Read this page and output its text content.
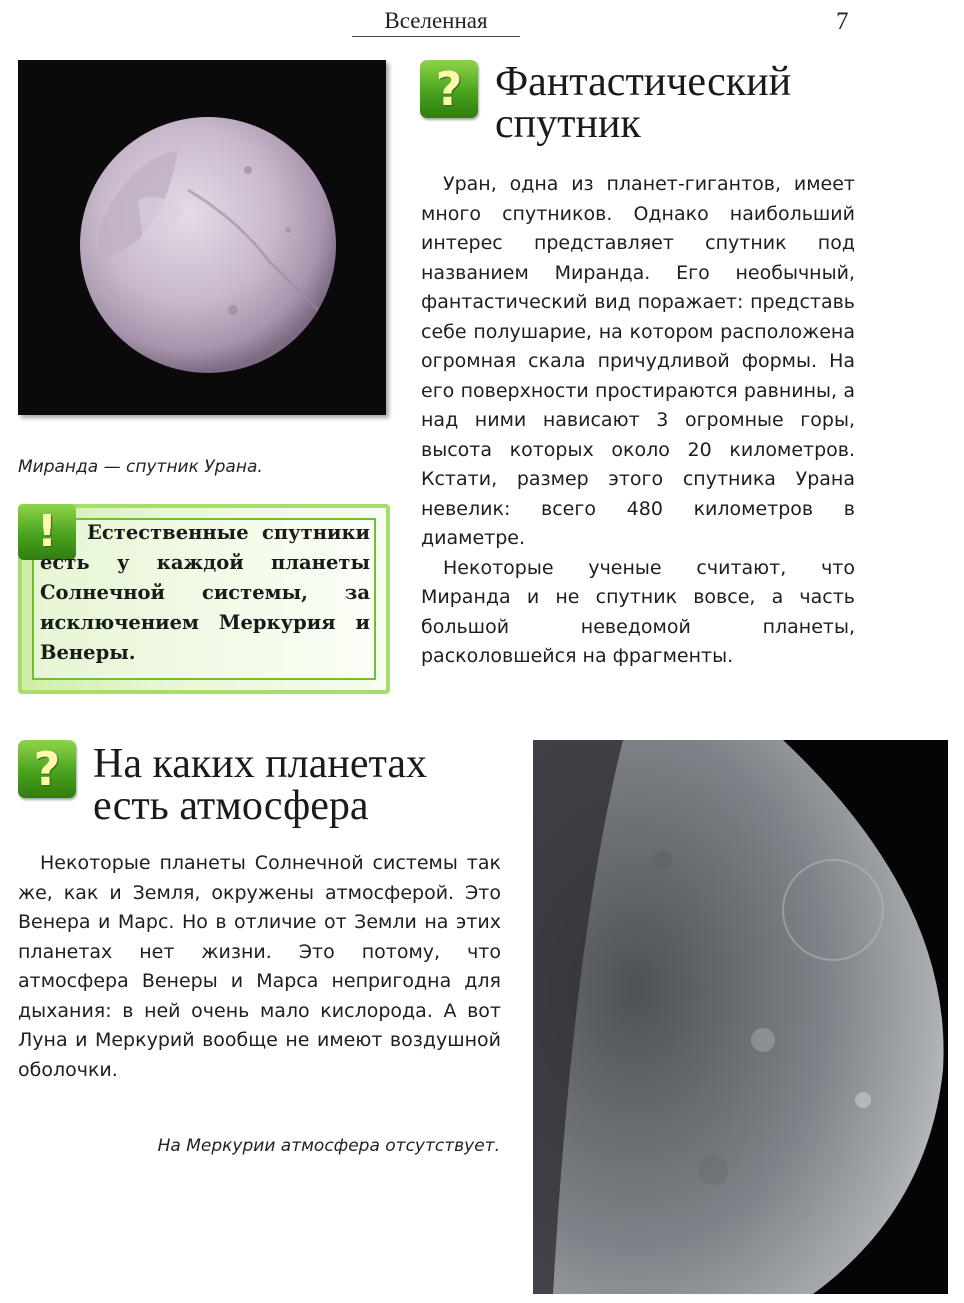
Вселенная	7
Миранда — спутник Урана.
? Фантастический
спутник

Уран, одна из планет-гигантов, имеет много спутников. Однако наибольший интерес представляет спутник под названием Миранда. Его необычный, фантастический вид поражает: представь себе полушарие, на котором расположена огромная скала причудливой формы. На его поверхности простираются равнины, а над ними нависают 3 огромные горы, высота которых около 20 километров. Кстати, размер этого спутника Урана невелик: всего 480 километров в диаметре.

Некоторые ученые считают, что Миранда и не спутник вовсе, а часть большой неведомой планеты, расколовшейся на фрагменты.

!	Естественные спутники есть у каждой планеты Солнечной системы, за исключением Меркурия и Венеры.
? На каких планетах
есть атмосфера

Некоторые планеты Солнечной системы так же, как и Земля, окружены атмосферой. Это Венера и Марс. Но в отличие от Земли на этих планетах нет жизни. Это потому, что атмосфера Венеры и Марса непригодна для дыхания: в ней очень мало кислорода. А вот Луна и Меркурий вообще не имеют воздушной оболочки.

На Меркурии атмосфера отсутствует.
